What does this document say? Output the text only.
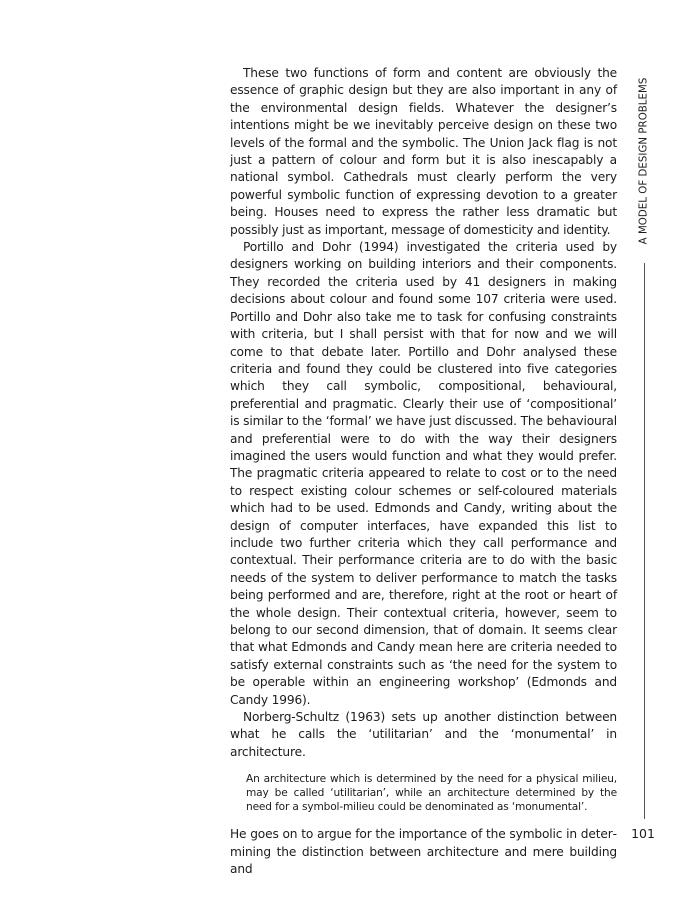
These two functions of form and content are obviously the essence of graphic design but they are also important in any of the environmental design fields. Whatever the designer’s intentions might be we inevitably perceive design on these two levels of the formal and the symbolic. The Union Jack flag is not just a pattern of colour and form but it is also inescapably a national symbol. Cathedrals must clearly perform the very powerful symbolic function of expressing devotion to a greater being. Houses need to express the rather less dramatic but possibly just as important, message of domesticity and identity.

Portillo and Dohr (1994) investigated the criteria used by designers working on building interiors and their components. They recorded the criteria used by 41 designers in making decisions about colour and found some 107 criteria were used. Portillo and Dohr also take me to task for confusing constraints with criteria, but I shall persist with that for now and we will come to that debate later. Portillo and Dohr analysed these criteria and found they could be clustered into five categories which they call symbolic, compositional, behavioural, preferential and pragmatic. Clearly their use of ‘compositional’ is similar to the ‘formal’ we have just discussed. The behavioural and preferential were to do with the way their designers imagined the users would function and what they would prefer. The pragmatic criteria appeared to relate to cost or to the need to respect existing colour schemes or self-coloured materials which had to be used. Edmonds and Candy, writing about the design of computer interfaces, have expanded this list to include two further criteria which they call performance and contextual. Their performance criteria are to do with the basic needs of the system to deliver performance to match the tasks being performed and are, therefore, right at the root or heart of the whole design. Their contextual criteria, however, seem to belong to our second dimension, that of domain. It seems clear that what Edmonds and Candy mean here are criteria needed to satisfy external constraints such as ‘the need for the system to be operable within an engineering workshop’ (Edmonds and Candy 1996).

Norberg-Schultz (1963) sets up another distinction between what he calls the ‘utilitarian’ and the ‘monumental’ in architecture.

An architecture which is determined by the need for a physical milieu, may be called ‘utilitarian’, while an architecture determined by the need for a symbol-milieu could be denominated as ‘monumental’.

He goes on to argue for the importance of the symbolic in determining the distinction between architecture and mere building and

A MODEL OF DESIGN PROBLEMS
101
